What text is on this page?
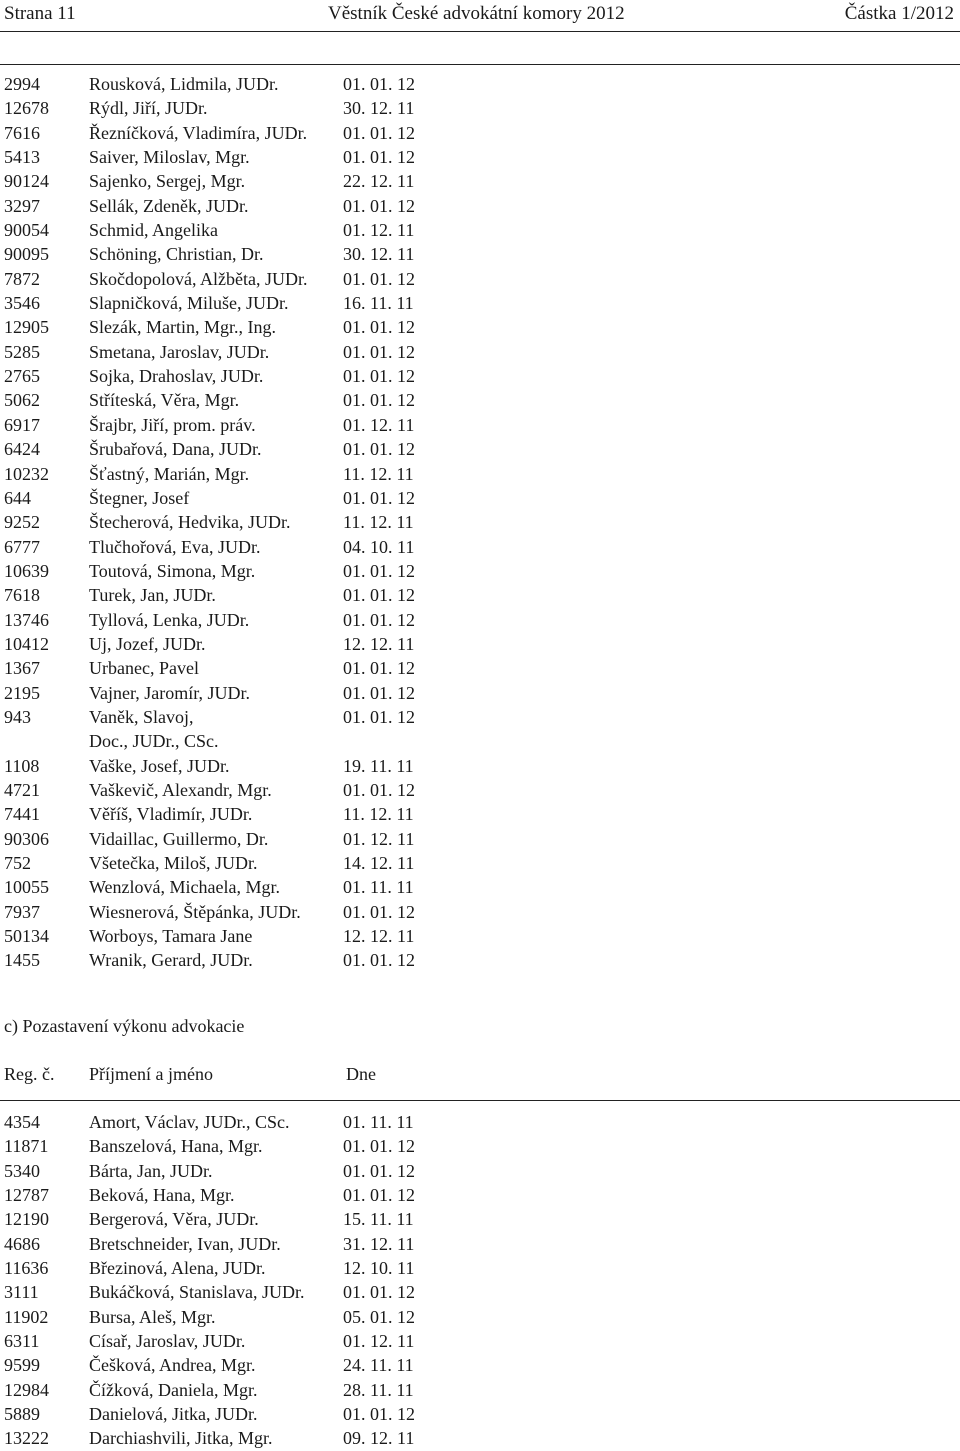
Strana 11	Věstník České advokátní komory 2012	Částka 1/2012
2994	Rousková, Lidmila, JUDr.	01. 01. 12
12678 Rýdl, Jiří, JUDr.	30. 12. 11
7616	Řezníčková, Vladimíra, JUDr. 01. 01. 12
5413	Saiver, Miloslav, Mgr.	01. 01. 12
90124 Sajenko, Sergej, Mgr.	22. 12. 11
3297	Sellák, Zdeněk, JUDr.	01. 01. 12
90054 Schmid, Angelika	01. 12. 11
90095 Schöning, Christian, Dr.	30. 12. 11
7872	Skočdopolová, Alžběta, JUDr. 01. 01. 12
3546	Slapničková, Miluše, JUDr.	16. 11. 11
12905 Slezák, Martin, Mgr., Ing.	01. 01. 12
5285	Smetana, Jaroslav, JUDr.	01. 01. 12
2765	Sojka, Drahoslav, JUDr.	01. 01. 12
5062	Stříteská, Věra, Mgr.	01. 01. 12
6917	Šrajbr, Jiří, prom. práv.	01. 12. 11
6424	Šrubařová, Dana, JUDr.	01. 01. 12
10232 Šťastný, Marián, Mgr.	11. 12. 11
644	Štegner, Josef	01. 01. 12
9252	Štecherová, Hedvika, JUDr.	11. 12. 11
6777	Tlučhořová, Eva, JUDr.	04. 10. 11
10639 Toutová, Simona, Mgr.	01. 01. 12
7618	Turek, Jan, JUDr.	01. 01. 12
13746 Tyllová, Lenka, JUDr.	01. 01. 12
10412 Uj, Jozef, JUDr.	12. 12. 11
1367	Urbanec, Pavel	01. 01. 12
2195	Vajner, Jaromír, JUDr.	01. 01. 12
943	Vaněk, Slavoj,	01. 01. 12
Doc., JUDr., CSc.
1108	Vaške, Josef, JUDr.	19. 11. 11
4721	Vaškevič, Alexandr, Mgr.	01. 01. 12
7441	Věříš, Vladimír, JUDr.	11. 12. 11
90306 Vidaillac, Guillermo, Dr.	01. 12. 11
752	Všetečka, Miloš, JUDr.	14. 12. 11
10055 Wenzlová, Michaela, Mgr.	01. 11. 11
7937	Wiesnerová, Štěpánka, JUDr. 01. 01. 12
50134 Worboys, Tamara Jane	12. 12. 11
1455	Wranik, Gerard, JUDr.	01. 01. 12
c) Pozastavení výkonu advokacie
Reg. č. Příjmení a jméno	Dne
4354	Amort, Václav, JUDr., CSc.	01. 11. 11
11871 Banszelová, Hana, Mgr.	01. 01. 12
5340	Bárta, Jan, JUDr.	01. 01. 12
12787 Beková, Hana, Mgr.	01. 01. 12
12190 Bergerová, Věra, JUDr.	15. 11. 11
4686	Bretschneider, Ivan, JUDr.	31. 12. 11
11636 Březinová, Alena, JUDr.	12. 10. 11
3111	Bukáčková, Stanislava, JUDr. 01. 01. 12
11902 Bursa, Aleš, Mgr.	05. 01. 12
6311	Císař, Jaroslav, JUDr.	01. 12. 11
9599	Češková, Andrea, Mgr.	24. 11. 11
12984 Čížková, Daniela, Mgr.	28. 11. 11
5889	Danielová, Jitka, JUDr.	01. 01. 12
13222 Darchiashvili, Jitka, Mgr.	09. 12. 11
